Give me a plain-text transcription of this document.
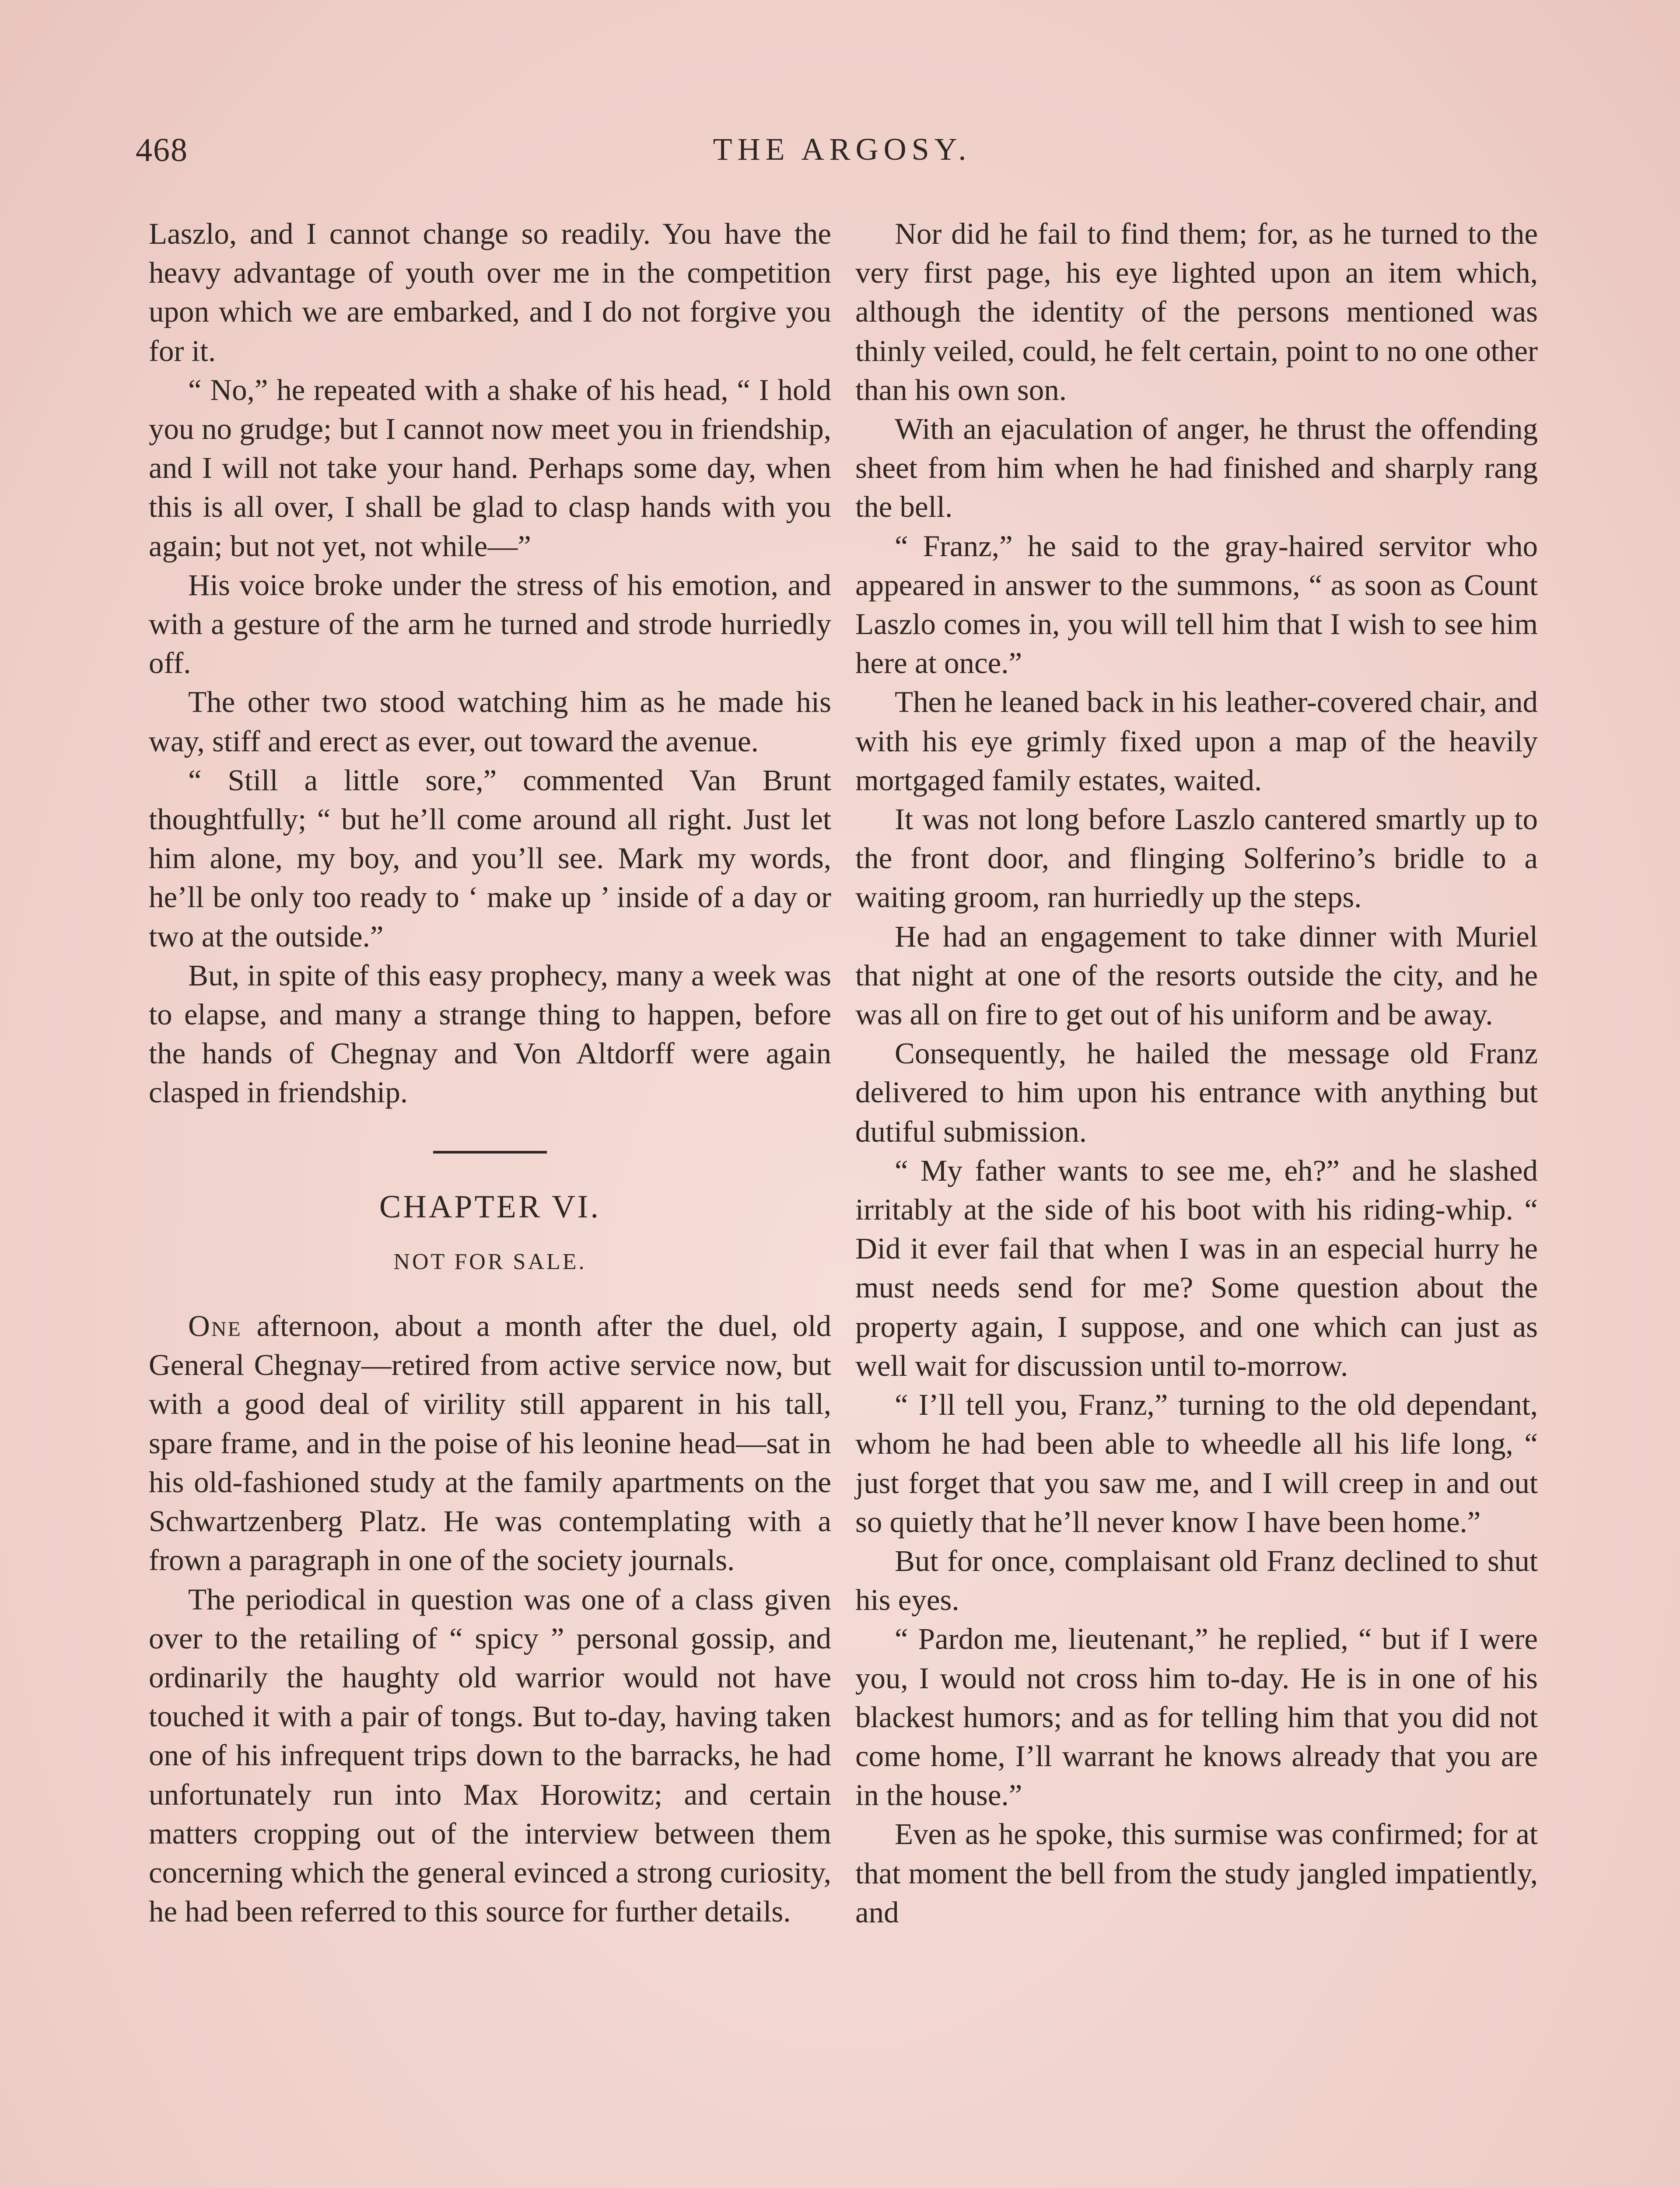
468	THE ARGOSY.

Laszlo, and I cannot change so readily. You have the heavy advantage of youth over me in the competition upon which we are embarked, and I do not forgive you for it.

“ No,” he repeated with a shake of his head, “ I hold you no grudge; but I cannot now meet you in friendship, and I will not take your hand. Perhaps some day, when this is all over, I shall be glad to clasp hands with you again; but not yet, not while—”

His voice broke under the stress of his emotion, and with a gesture of the arm he turned and strode hurriedly off.

The other two stood watching him as he made his way, stiff and erect as ever, out toward the avenue.

“ Still a little sore,” commented Van Brunt thoughtfully; “ but he’ll come around all right. Just let him alone, my boy, and you’ll see. Mark my words, he’ll be only too ready to ‘ make up ’ inside of a day or two at the outside.”

But, in spite of this easy prophecy, many a week was to elapse, and many a strange thing to happen, before the hands of Chegnay and Von Altdorff were again clasped in friendship.

CHAPTER VI.
NOT FOR SALE.

One afternoon, about a month after the duel, old General Chegnay—retired from active service now, but with a good deal of virility still apparent in his tall, spare frame, and in the poise of his leonine head—sat in his old-fashioned study at the family apartments on the Schwartzenberg Platz. He was contemplating with a frown a paragraph in one of the society journals.

The periodical in question was one of a class given over to the retailing of “ spicy ” personal gossip, and ordinarily the haughty old warrior would not have touched it with a pair of tongs. But to-day, having taken one of his infrequent trips down to the barracks, he had unfortunately run into Max Horowitz; and certain matters cropping out of the interview between them concerning which the general evinced a strong curiosity, he had been referred to this source for further details.

Nor did he fail to find them; for, as he turned to the very first page, his eye lighted upon an item which, although the identity of the persons mentioned was thinly veiled, could, he felt certain, point to no one other than his own son.

With an ejaculation of anger, he thrust the offending sheet from him when he had finished and sharply rang the bell.

“ Franz,” he said to the gray-haired servitor who appeared in answer to the summons, “ as soon as Count Laszlo comes in, you will tell him that I wish to see him here at once.”

Then he leaned back in his leather-covered chair, and with his eye grimly fixed upon a map of the heavily mortgaged family estates, waited.

It was not long before Laszlo cantered smartly up to the front door, and flinging Solferino’s bridle to a waiting groom, ran hurriedly up the steps.

He had an engagement to take dinner with Muriel that night at one of the resorts outside the city, and he was all on fire to get out of his uniform and be away.

Consequently, he hailed the message old Franz delivered to him upon his entrance with anything but dutiful submission.

“ My father wants to see me, eh?” and he slashed irritably at the side of his boot with his riding-whip. “ Did it ever fail that when I was in an especial hurry he must needs send for me? Some question about the property again, I suppose, and one which can just as well wait for discussion until to-morrow.

“ I’ll tell you, Franz,” turning to the old dependant, whom he had been able to wheedle all his life long, “ just forget that you saw me, and I will creep in and out so quietly that he’ll never know I have been home.”

But for once, complaisant old Franz declined to shut his eyes.

“ Pardon me, lieutenant,” he replied, “ but if I were you, I would not cross him to-day. He is in one of his blackest humors; and as for telling him that you did not come home, I’ll warrant he knows already that you are in the house.”

Even as he spoke, this surmise was confirmed; for at that moment the bell from the study jangled impatiently, and
